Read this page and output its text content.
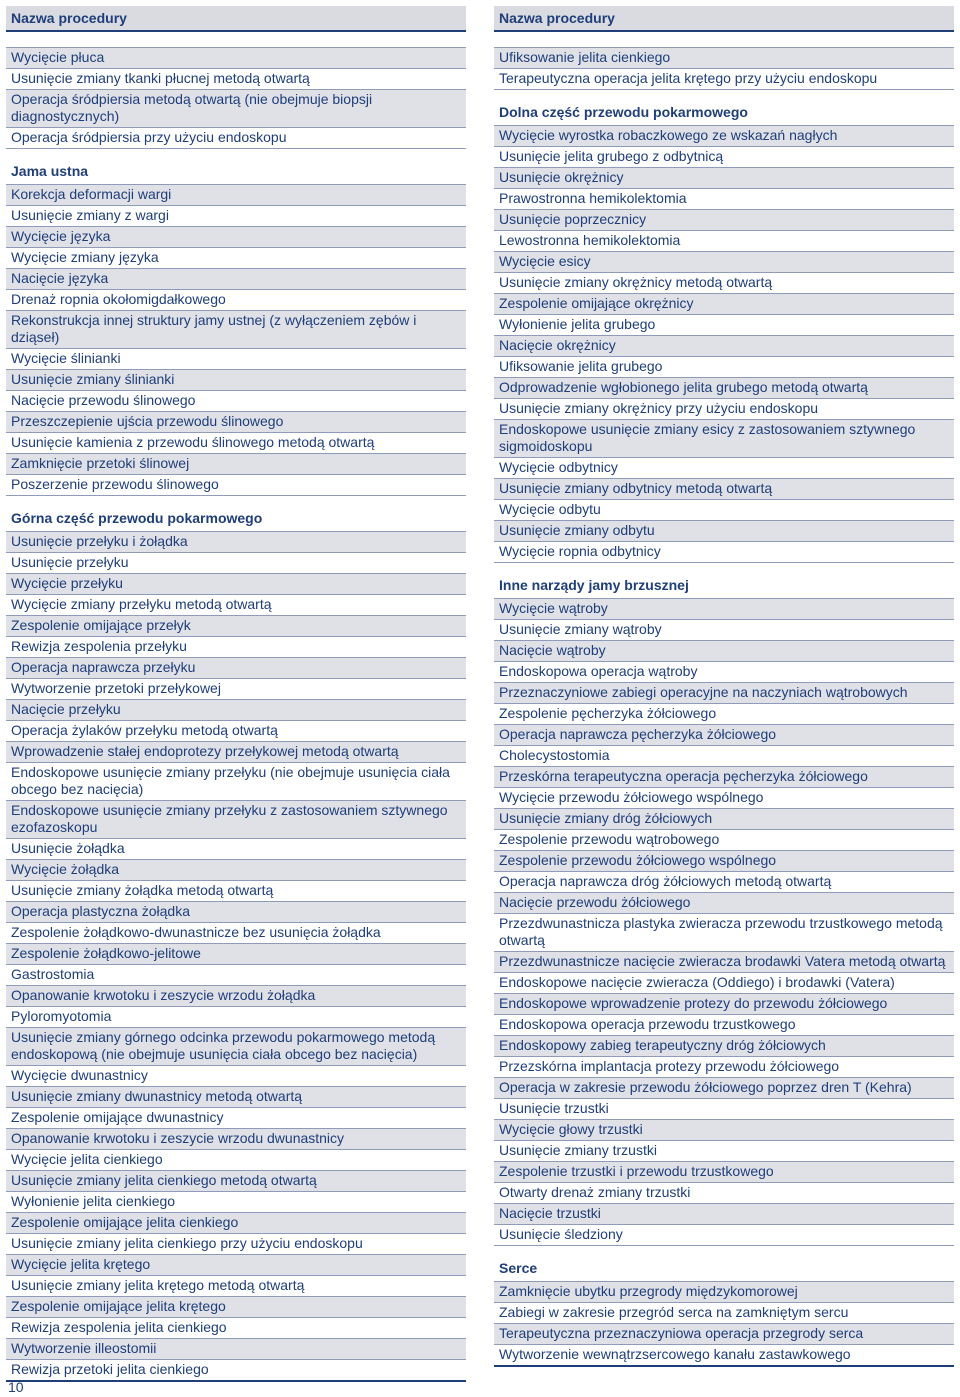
Nazwa procedury
Wycięcie płuca
Usunięcie zmiany tkanki płucnej metodą otwartą
Operacja śródpiersia metodą otwartą (nie obejmuje biopsji diagnostycznych)
Operacja śródpiersia przy użyciu endoskopu
Jama ustna
Korekcja deformacji wargi
Usunięcie zmiany z wargi
Wycięcie języka
Wycięcie zmiany języka
Nacięcie języka
Drenaż ropnia okołomigdałkowego
Rekonstrukcja innej struktury jamy ustnej (z wyłączeniem zębów i dziąseł)
Wycięcie ślinianki
Usunięcie zmiany ślinianki
Nacięcie przewodu ślinowego
Przeszczepienie ujścia przewodu ślinowego
Usunięcie kamienia z przewodu ślinowego metodą otwartą
Zamknięcie przetoki ślinowej
Poszerzenie przewodu ślinowego
Górna część przewodu pokarmowego
Usunięcie przełyku i żołądka
Usunięcie przełyku
Wycięcie przełyku
Wycięcie zmiany przełyku metodą otwartą
Zespolenie omijające przełyk
Rewizja zespolenia przełyku
Operacja naprawcza przełyku
Wytworzenie przetoki przełykowej
Nacięcie przełyku
Operacja żylaków przełyku metodą otwartą
Wprowadzenie stałej endoprotezy przełykowej metodą otwartą
Endoskopowe usunięcie zmiany przełyku (nie obejmuje usunięcia ciała obcego bez nacięcia)
Endoskopowe usunięcie zmiany przełyku z zastosowaniem sztywnego ezofazoskopu
Usunięcie żołądka
Wycięcie żołądka
Usunięcie zmiany żołądka metodą otwartą
Operacja plastyczna żołądka
Zespolenie żołądkowo-dwunastnicze bez usunięcia żołądka
Zespolenie żołądkowo-jelitowe
Gastrostomia
Opanowanie krwotoku i zeszycie wrzodu żołądka
Pyloromyotomia
Usunięcie zmiany górnego odcinka przewodu pokarmowego metodą endoskopową (nie obejmuje usunięcia ciała obcego bez nacięcia)
Wycięcie dwunastnicy
Usunięcie zmiany dwunastnicy metodą otwartą
Zespolenie omijające dwunastnicy
Opanowanie krwotoku i zeszycie wrzodu dwunastnicy
Wycięcie jelita cienkiego
Usunięcie zmiany jelita cienkiego metodą otwartą
Wyłonienie jelita cienkiego
Zespolenie omijające jelita cienkiego
Usunięcie zmiany jelita cienkiego przy użyciu endoskopu
Wycięcie jelita krętego
Usunięcie zmiany jelita krętego metodą otwartą
Zespolenie omijające jelita krętego
Rewizja zespolenia jelita cienkiego
Wytworzenie illeostomii
Rewizja przetoki jelita cienkiego
Nazwa procedury
Ufiksowanie jelita cienkiego
Terapeutyczna operacja jelita krętego przy użyciu endoskopu
Dolna część przewodu pokarmowego
Wycięcie wyrostka robaczkowego ze wskazań nagłych
Usunięcie jelita grubego z odbytnicą
Usunięcie okrężnicy
Prawostronna hemikolektomia
Usunięcie poprzecznicy
Lewostronna hemikolektomia
Wycięcie esicy
Usunięcie zmiany okrężnicy metodą otwartą
Zespolenie omijające okrężnicy
Wyłonienie jelita grubego
Nacięcie okrężnicy
Ufiksowanie jelita grubego
Odprowadzenie wgłobionego jelita grubego metodą otwartą
Usunięcie zmiany okrężnicy przy użyciu endoskopu
Endoskopowe usunięcie zmiany esicy z zastosowaniem sztywnego sigmoidoskopu
Wycięcie odbytnicy
Usunięcie zmiany odbytnicy metodą otwartą
Wycięcie odbytu
Usunięcie zmiany odbytu
Wycięcie ropnia odbytnicy
Inne narządy jamy brzusznej
Wycięcie wątroby
Usunięcie zmiany wątroby
Nacięcie wątroby
Endoskopowa operacja wątroby
Przeznaczyniowe zabiegi operacyjne na naczyniach wątrobowych
Zespolenie pęcherzyka żółciowego
Operacja naprawcza pęcherzyka żółciowego
Cholecystostomia
Przeskórna terapeutyczna operacja pęcherzyka żółciowego
Wycięcie przewodu żółciowego wspólnego
Usunięcie zmiany dróg żółciowych
Zespolenie przewodu wątrobowego
Zespolenie przewodu żółciowego wspólnego
Operacja naprawcza dróg żółciowych metodą otwartą
Nacięcie przewodu żółciowego
Przezdwunastnicza plastyka zwieracza przewodu trzustkowego metodą otwartą
Przezdwunastnicze nacięcie zwieracza brodawki Vatera metodą otwartą
Endoskopowe nacięcie zwieracza (Oddiego) i brodawki (Vatera)
Endoskopowe wprowadzenie protezy do przewodu żółciowego
Endoskopowa operacja przewodu trzustkowego
Endoskopowy zabieg terapeutyczny dróg żółciowych
Przezskórna implantacja protezy przewodu żółciowego
Operacja w zakresie przewodu żółciowego poprzez dren T (Kehra)
Usunięcie trzustki
Wycięcie głowy trzustki
Usunięcie zmiany trzustki
Zespolenie trzustki i przewodu trzustkowego
Otwarty drenaż zmiany trzustki
Nacięcie trzustki
Usunięcie śledziony
Serce
Zamknięcie ubytku przegrody międzykomorowej
Zabiegi w zakresie przegród serca na zamkniętym sercu
Terapeutyczna przeznaczyniowa operacja przegrody serca
Wytworzenie wewnątrzsercowego kanału zastawkowego
10
